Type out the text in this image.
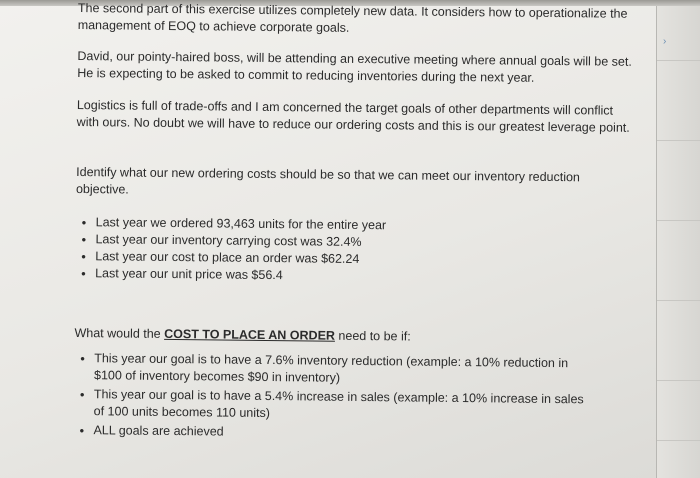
›

The second part of this exercise utilizes completely new data. It considers how to operationalize the management of EOQ to achieve corporate goals.

David, our pointy-haired boss, will be attending an executive meeting where annual goals will be set. He is expecting to be asked to commit to reducing inventories during the next year.

Logistics is full of trade-offs and I am concerned the target goals of other departments will conflict with ours. No doubt we will have to reduce our ordering costs and this is our greatest leverage point.

Identify what our new ordering costs should be so that we can meet our inventory reduction objective.

• Last year we ordered 93,463 units for the entire year
• Last year our inventory carrying cost was 32.4%
• Last year our cost to place an order was $62.24
• Last year our unit price was $56.4

What would the COST TO PLACE AN ORDER need to be if:

• This year our goal is to have a 7.6% inventory reduction (example: a 10% reduction in $100 of inventory becomes $90 in inventory)
• This year our goal is to have a 5.4% increase in sales (example: a 10% increase in sales of 100 units becomes 110 units)
• ALL goals are achieved
